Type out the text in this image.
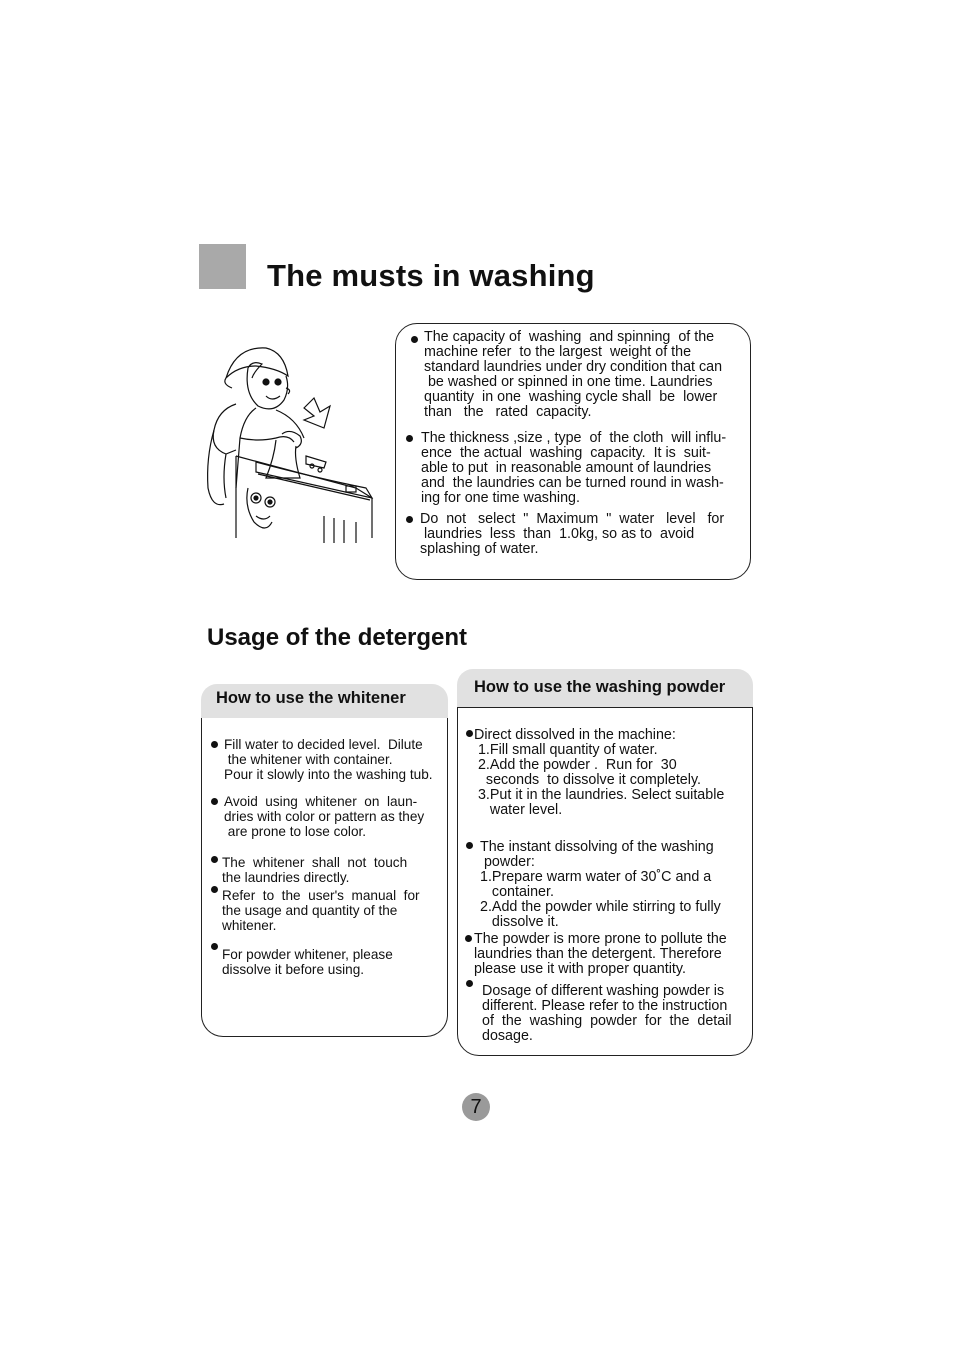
The musts in washing
The capacity of  washing  and spinning  of the
machine refer  to the largest  weight of the
standard laundries under dry condition that can
be washed or spinned in one time. Laundries
quantity  in one  washing cycle shall  be  lower
than   the   rated  capacity.
The thickness ,size , type  of  the cloth  will influ-
ence  the actual  washing  capacity.  It is  suit-
able to put  in reasonable amount of laundries
and  the laundries can be turned round in wash-
ing for one time washing.
Do  not   select  "  Maximum  "  water   level   for
laundries  less  than  1.0kg, so as to  avoid
splashing of water.
Usage of the detergent
How to use the whitener
Fill water to decided level.  Dilute
the whitener with container.
Pour it slowly into the washing tub.
Avoid  using  whitener  on  laun-
dries with color or pattern as they
are prone to lose color.
The  whitener  shall  not  touch
the laundries directly.
Refer  to  the  user's  manual  for
the usage and quantity of the
whitener.
For powder whitener, please
dissolve it before using.
How to use the washing powder
Direct dissolved in the machine:
1.Fill small quantity of water.
2.Add the powder .  Run for  30
seconds  to dissolve it completely.
3.Put it in the laundries. Select suitable
water level.
The instant dissolving of the washing
powder:
1.Prepare warm water of 30˚C and a
container.
2.Add the powder while stirring to fully
dissolve it.
The powder is more prone to pollute the
laundries than the detergent. Therefore
please use it with proper quantity.
Dosage of different washing powder is
different. Please refer to the instruction
of  the  washing  powder  for  the  detail
dosage.
7
